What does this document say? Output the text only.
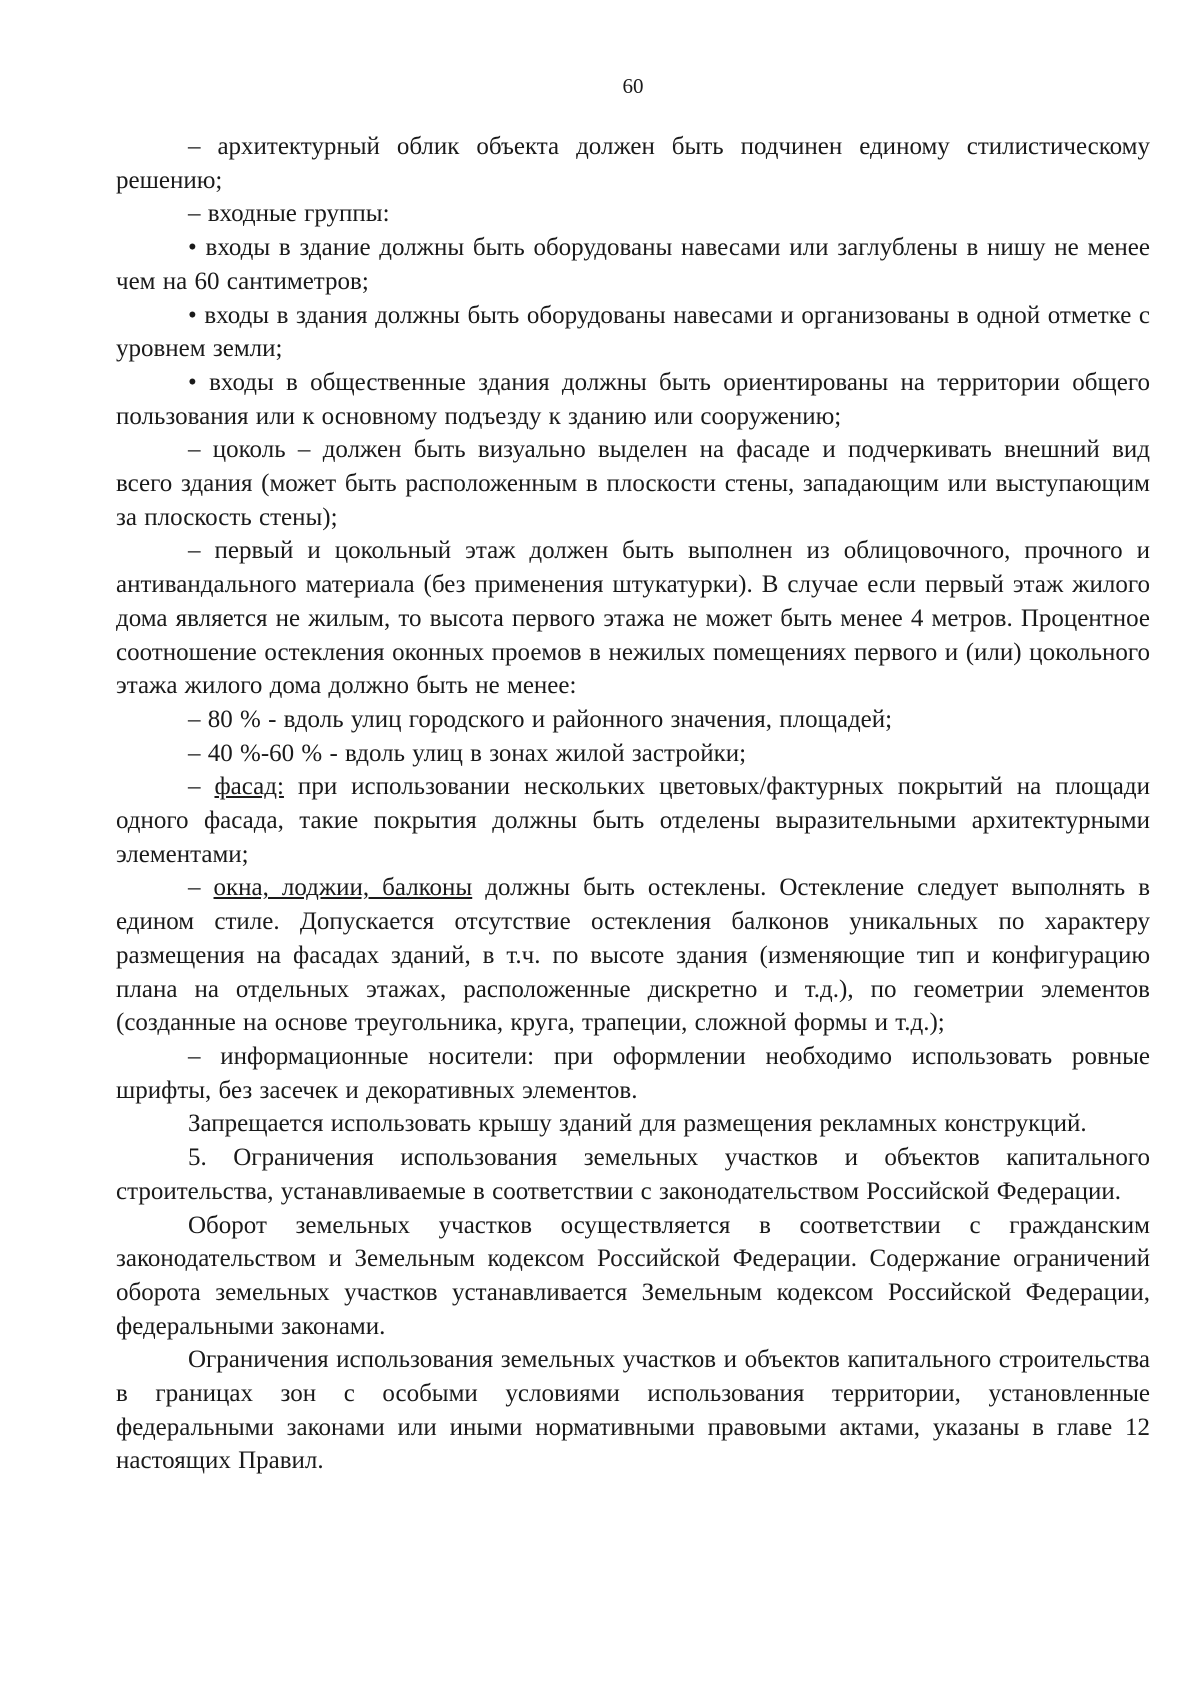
60

– архитектурный облик объекта должен быть подчинен единому стилистическому решению;

– входные группы:

• входы в здание должны быть оборудованы навесами или заглублены в нишу не менее чем на 60 сантиметров;

• входы в здания должны быть оборудованы навесами и организованы в одной отметке с уровнем земли;

• входы в общественные здания должны быть ориентированы на территории общего пользования или к основному подъезду к зданию или сооружению;

– цоколь – должен быть визуально выделен на фасаде и подчеркивать внешний вид всего здания (может быть расположенным в плоскости стены, западающим или выступающим за плоскость стены);

– первый и цокольный этаж должен быть выполнен из облицовочного, прочного и антивандального материала (без применения штукатурки). В случае если первый этаж жилого дома является не жилым, то высота первого этажа не может быть менее 4 метров. Процентное соотношение остекления оконных проемов в нежилых помещениях первого и (или) цокольного этажа жилого дома должно быть не менее:

– 80 % - вдоль улиц городского и районного значения, площадей;

– 40 %-60 % - вдоль улиц в зонах жилой застройки;

– фасад: при использовании нескольких цветовых/фактурных покрытий на площади одного фасада, такие покрытия должны быть отделены выразительными архитектурными элементами;

– окна, лоджии, балконы должны быть остеклены. Остекление следует выполнять в едином стиле. Допускается отсутствие остекления балконов уникальных по характеру размещения на фасадах зданий, в т.ч. по высоте здания (изменяющие тип и конфигурацию плана на отдельных этажах, расположенные дискретно и т.д.), по геометрии элементов (созданные на основе треугольника, круга, трапеции, сложной формы и т.д.);

– информационные носители: при оформлении необходимо использовать ровные шрифты, без засечек и декоративных элементов.

Запрещается использовать крышу зданий для размещения рекламных конструкций.

5. Ограничения использования земельных участков и объектов капитального строительства, устанавливаемые в соответствии с законодательством Российской Федерации.

Оборот земельных участков осуществляется в соответствии с гражданским законодательством и Земельным кодексом Российской Федерации. Содержание ограничений оборота земельных участков устанавливается Земельным кодексом Российской Федерации, федеральными законами.

Ограничения использования земельных участков и объектов капитального строительства в границах зон с особыми условиями использования территории, установленные федеральными законами или иными нормативными правовыми актами, указаны в главе 12 настоящих Правил.
